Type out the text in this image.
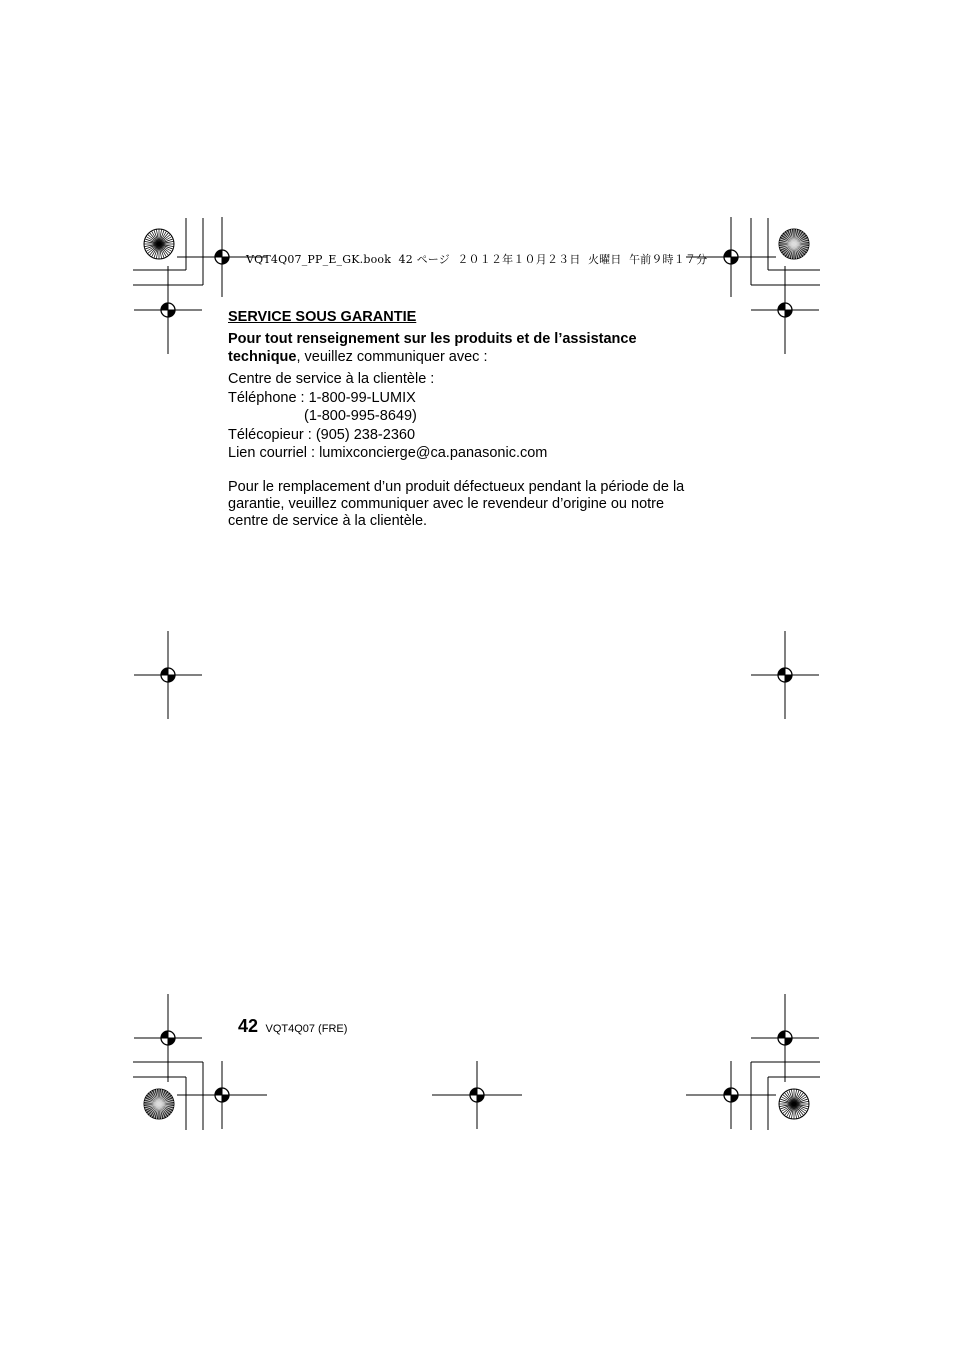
VQT4Q07_PP_E_GK.book  42 ページ  ２０１２年１０月２３日  火曜日  午前９時１７分
SERVICE SOUS GARANTIE
Pour tout renseignement sur les produits et de l’assistance
technique, veuillez communiquer avec :
Centre de service à la clientèle :
Téléphone : 1-800-99-LUMIX
(1-800-995-8649)
Télécopieur : (905) 238-2360
Lien courriel : lumixconcierge@ca.panasonic.com
Pour le remplacement d’un produit défectueux pendant la période de la
garantie, veuillez communiquer avec le revendeur d’origine ou notre
centre de service à la clientèle.
42 VQT4Q07 (FRE)
